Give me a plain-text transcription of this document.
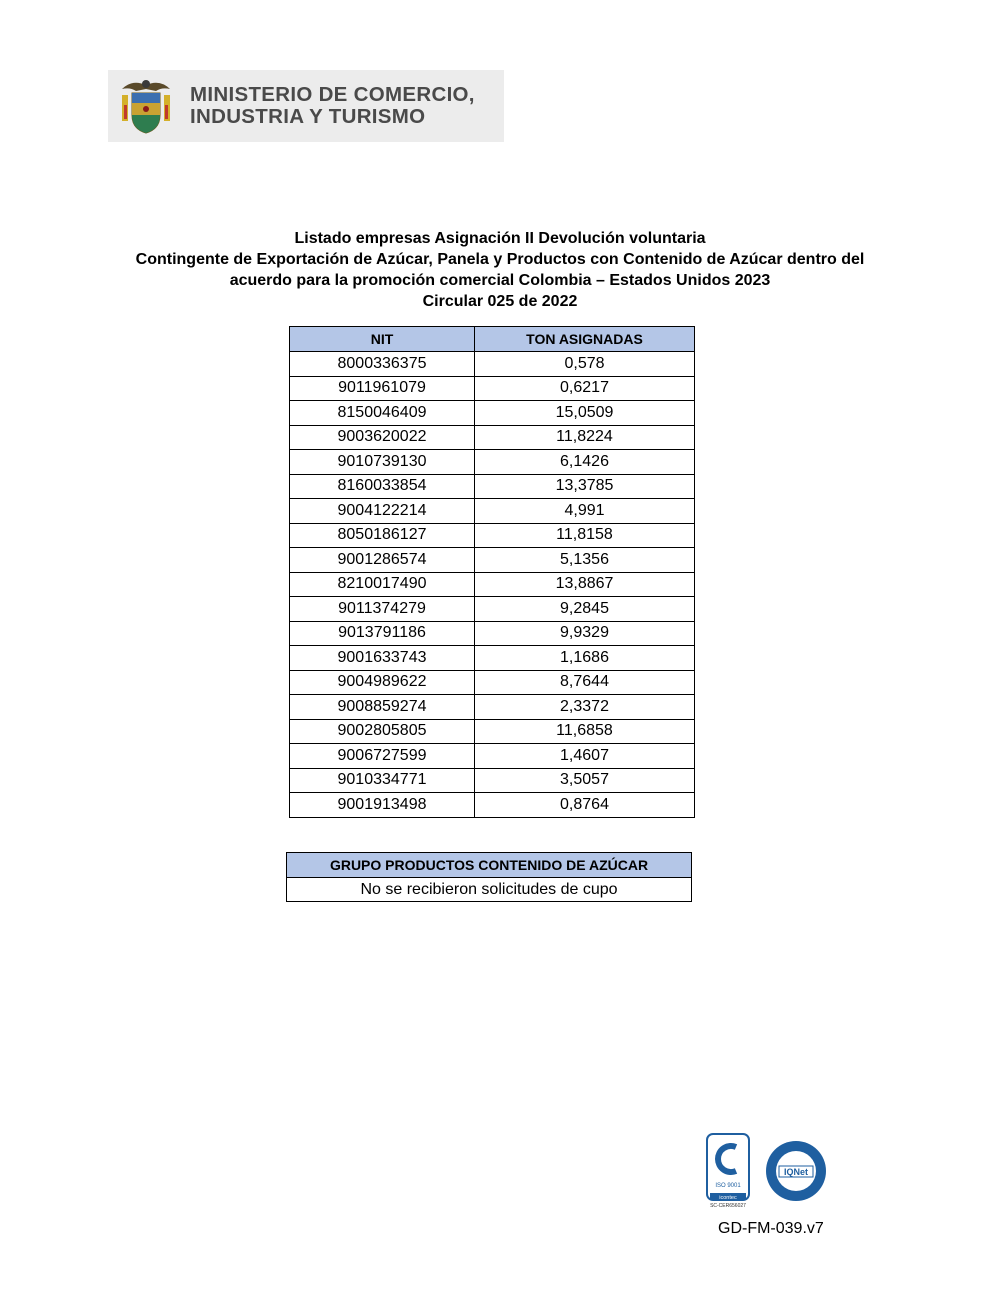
MINISTERIO DE COMERCIO,
INDUSTRIA Y TURISMO
Listado empresas Asignación II Devolución voluntaria
Contingente de Exportación de Azúcar, Panela y Productos con Contenido de Azúcar dentro del
acuerdo para la promoción comercial Colombia – Estados Unidos 2023
Circular 025 de 2022
NIT	TON ASIGNADAS
8000336375	0,578
9011961079	0,6217
8150046409	15,0509
9003620022	11,8224
9010739130	6,1426
8160033854	13,3785
9004122214	4,991
8050186127	11,8158
9001286574	5,1356
8210017490	13,8867
9011374279	9,2845
9013791186	9,9329
9001633743	1,1686
9004989622	8,7644
9008859274	2,3372
9002805805	11,6858
9006727599	1,4607
9010334771	3,5057
9001913498	0,8764
GRUPO PRODUCTOS CONTENIDO DE AZÚCAR
No se recibieron solicitudes de cupo
ISO 9001
icontec
SC-CER656027
IQNet
GD-FM-039.v7
